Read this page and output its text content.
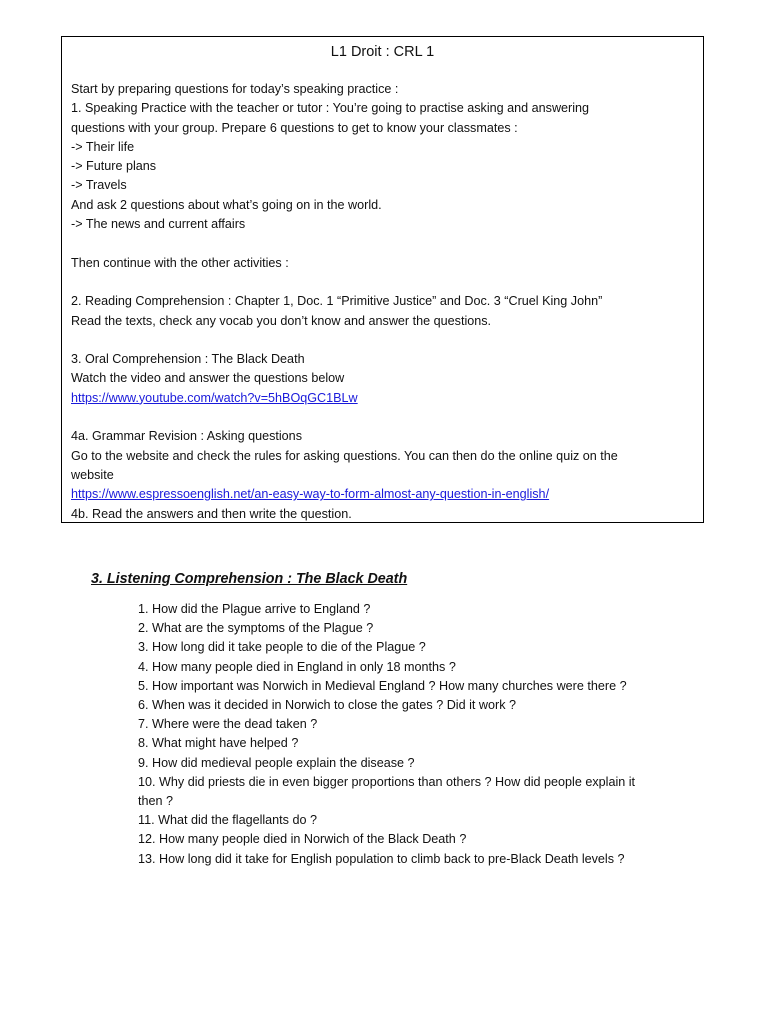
L1 Droit : CRL 1

Start by preparing questions for today’s speaking practice :

1. Speaking Practice with the teacher or tutor : You’re going to practise asking and answering

questions with your group. Prepare 6 questions to get to know your classmates :

-> Their life

-> Future plans

-> Travels

And ask 2 questions about what’s going on in the world.

-> The news and current affairs

Then continue with the other activities :

2. Reading Comprehension : Chapter 1, Doc. 1 “Primitive Justice” and Doc. 3 “Cruel King John”

Read the texts, check any vocab you don’t know and answer the questions.

3. Oral Comprehension : The Black Death

Watch the video and answer the questions below

https://www.youtube.com/watch?v=5hBOqGC1BLw

4a. Grammar Revision : Asking questions

Go to the website and check the rules for asking questions. You can then do the online quiz on the

website

https://www.espressoenglish.net/an-easy-way-to-form-almost-any-question-in-english/

4b. Read the answers and then write the question.

3. Listening Comprehension : The Black Death
1. How did the Plague arrive to England ?
2. What are the symptoms of the Plague ?
3. How long did it take people to die of the Plague ?
4. How many people died in England in only 18 months ?
5. How important was Norwich in Medieval England ? How many churches were there ?
6. When was it decided in Norwich to close the gates ? Did it work ?
7. Where were the dead taken ?
8. What might have helped ?
9. How did medieval people explain the disease ?
10. Why did priests die in even bigger proportions than others ? How did people explain it then ?
11. What did the flagellants do ?
12. How many people died in Norwich of the Black Death ?
13. How long did it take for English population to climb back to pre-Black Death levels ?
